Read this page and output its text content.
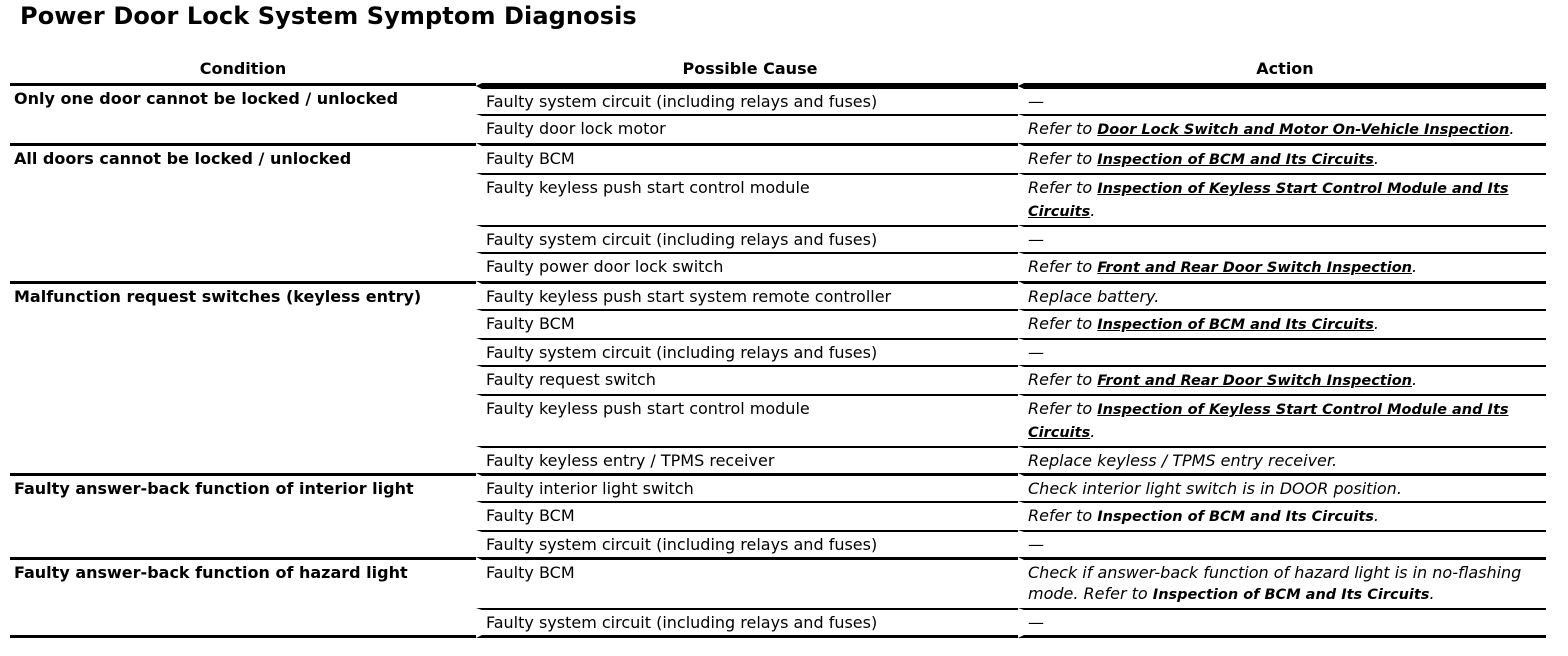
Power Door Lock System Symptom Diagnosis
Condition	Possible Cause	Action
Only one door cannot be locked / unlocked	Faulty system circuit (including relays and fuses)	—
	Faulty door lock motor	Refer to Door Lock Switch and Motor On-Vehicle Inspection.
All doors cannot be locked / unlocked	Faulty BCM	Refer to Inspection of BCM and Its Circuits.
	Faulty keyless push start control module	Refer to Inspection of Keyless Start Control Module and Its Circuits.
	Faulty system circuit (including relays and fuses)	—
	Faulty power door lock switch	Refer to Front and Rear Door Switch Inspection.
Malfunction request switches (keyless entry)	Faulty keyless push start system remote controller	Replace battery.
	Faulty BCM	Refer to Inspection of BCM and Its Circuits.
	Faulty system circuit (including relays and fuses)	—
	Faulty request switch	Refer to Front and Rear Door Switch Inspection.
	Faulty keyless push start control module	Refer to Inspection of Keyless Start Control Module and Its Circuits.
	Faulty keyless entry / TPMS receiver	Replace keyless / TPMS entry receiver.
Faulty answer-back function of interior light	Faulty interior light switch	Check interior light switch is in DOOR position.
	Faulty BCM	Refer to Inspection of BCM and Its Circuits.
	Faulty system circuit (including relays and fuses)	—
Faulty answer-back function of hazard light	Faulty BCM	Check if answer-back function of hazard light is in no-flashing mode. Refer to Inspection of BCM and Its Circuits.
	Faulty system circuit (including relays and fuses)	—
